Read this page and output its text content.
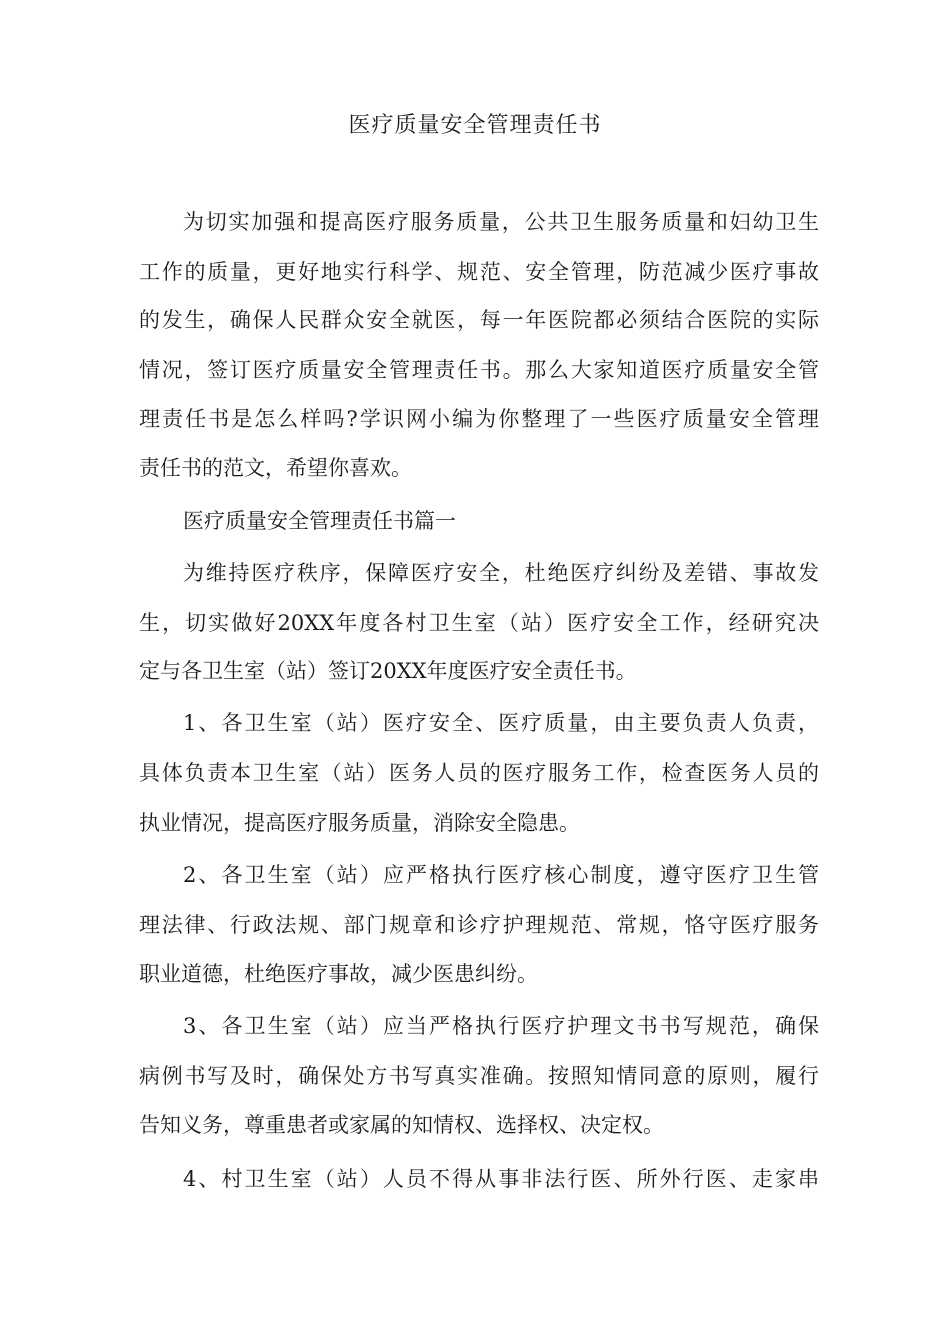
医疗质量安全管理责任书

为切实加强和提高医疗服务质量，公共卫生服务质量和妇幼卫生

工作的质量，更好地实行科学、规范、安全管理，防范减少医疗事故

的发生，确保人民群众安全就医，每一年医院都必须结合医院的实际

情况，签订医疗质量安全管理责任书。那么大家知道医疗质量安全管

理责任书是怎么样吗?学识网小编为你整理了一些医疗质量安全管理

责任书的范文，希望你喜欢。

医疗质量安全管理责任书篇一

为维持医疗秩序，保障医疗安全，杜绝医疗纠纷及差错、事故发

生，切实做好20XX年度各村卫生室（站）医疗安全工作，经研究决

定与各卫生室（站）签订20XX年度医疗安全责任书。

1、各卫生室（站）医疗安全、医疗质量，由主要负责人负责，

具体负责本卫生室（站）医务人员的医疗服务工作，检查医务人员的

执业情况，提高医疗服务质量，消除安全隐患。

2、各卫生室（站）应严格执行医疗核心制度，遵守医疗卫生管

理法律、行政法规、部门规章和诊疗护理规范、常规，恪守医疗服务

职业道德，杜绝医疗事故，减少医患纠纷。

3、各卫生室（站）应当严格执行医疗护理文书书写规范，确保

病例书写及时，确保处方书写真实准确。按照知情同意的原则，履行

告知义务，尊重患者或家属的知情权、选择权、决定权。

4、村卫生室（站）人员不得从事非法行医、所外行医、走家串
